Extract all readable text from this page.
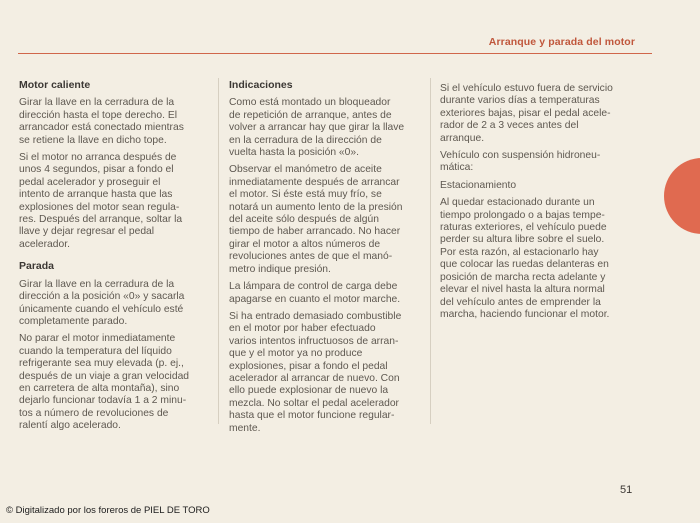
Arranque y parada del motor
Motor caliente

Girar la llave en la cerradura de la
dirección hasta el tope derecho. El
arrancador está conectado mientras
se retiene la llave en dicho tope.

Si el motor no arranca después de
unos 4 segundos, pisar a fondo el
pedal acelerador y proseguir el
intento de arranque hasta que las
explosiones del motor sean regula-
res. Después del arranque, soltar la
llave y dejar regresar el pedal
acelerador.

Parada

Girar la llave en la cerradura de la
dirección a la posición «0» y sacarla
únicamente cuando el vehículo esté
completamente parado.

No parar el motor inmediatamente
cuando la temperatura del líquido
refrigerante sea muy elevada (p. ej.,
después de un viaje a gran velocidad
en carretera de alta montaña), sino
dejarlo funcionar todavía 1 a 2 minu-
tos a número de revoluciones de
ralentí algo acelerado.

Indicaciones

Como está montado un bloqueador
de repetición de arranque, antes de
volver a arrancar hay que girar la llave
en la cerradura de la dirección de
vuelta hasta la posición «0».

Observar el manómetro de aceite
inmediatamente después de arrancar
el motor. Si éste está muy frío, se
notará un aumento lento de la presión
del aceite sólo después de algún
tiempo de haber arrancado. No hacer
girar el motor a altos números de
revoluciones antes de que el manó-
metro indique presión.

La lámpara de control de carga debe
apagarse en cuanto el motor marche.

Si ha entrado demasiado combustible
en el motor por haber efectuado
varios intentos infructuosos de arran-
que y el motor ya no produce
explosiones, pisar a fondo el pedal
acelerador al arrancar de nuevo. Con
ello puede explosionar de nuevo la
mezcla. No soltar el pedal acelerador
hasta que el motor funcione regular-
mente.

Si el vehículo estuvo fuera de servicio
durante varios días a temperaturas
exteriores bajas, pisar el pedal acele-
rador de 2 a 3 veces antes del
arranque.

Vehículo con suspensión hidroneu-
mática:

Estacionamiento

Al quedar estacionado durante un
tiempo prolongado o a bajas tempe-
raturas exteriores, el vehículo puede
perder su altura libre sobre el suelo.
Por esta razón, al estacionarlo hay
que colocar las ruedas delanteras en
posición de marcha recta adelante y
elevar el nivel hasta la altura normal
del vehículo antes de emprender la
marcha, haciendo funcionar el motor.

51
© Digitalizado por los foreros de PIEL DE TORO
